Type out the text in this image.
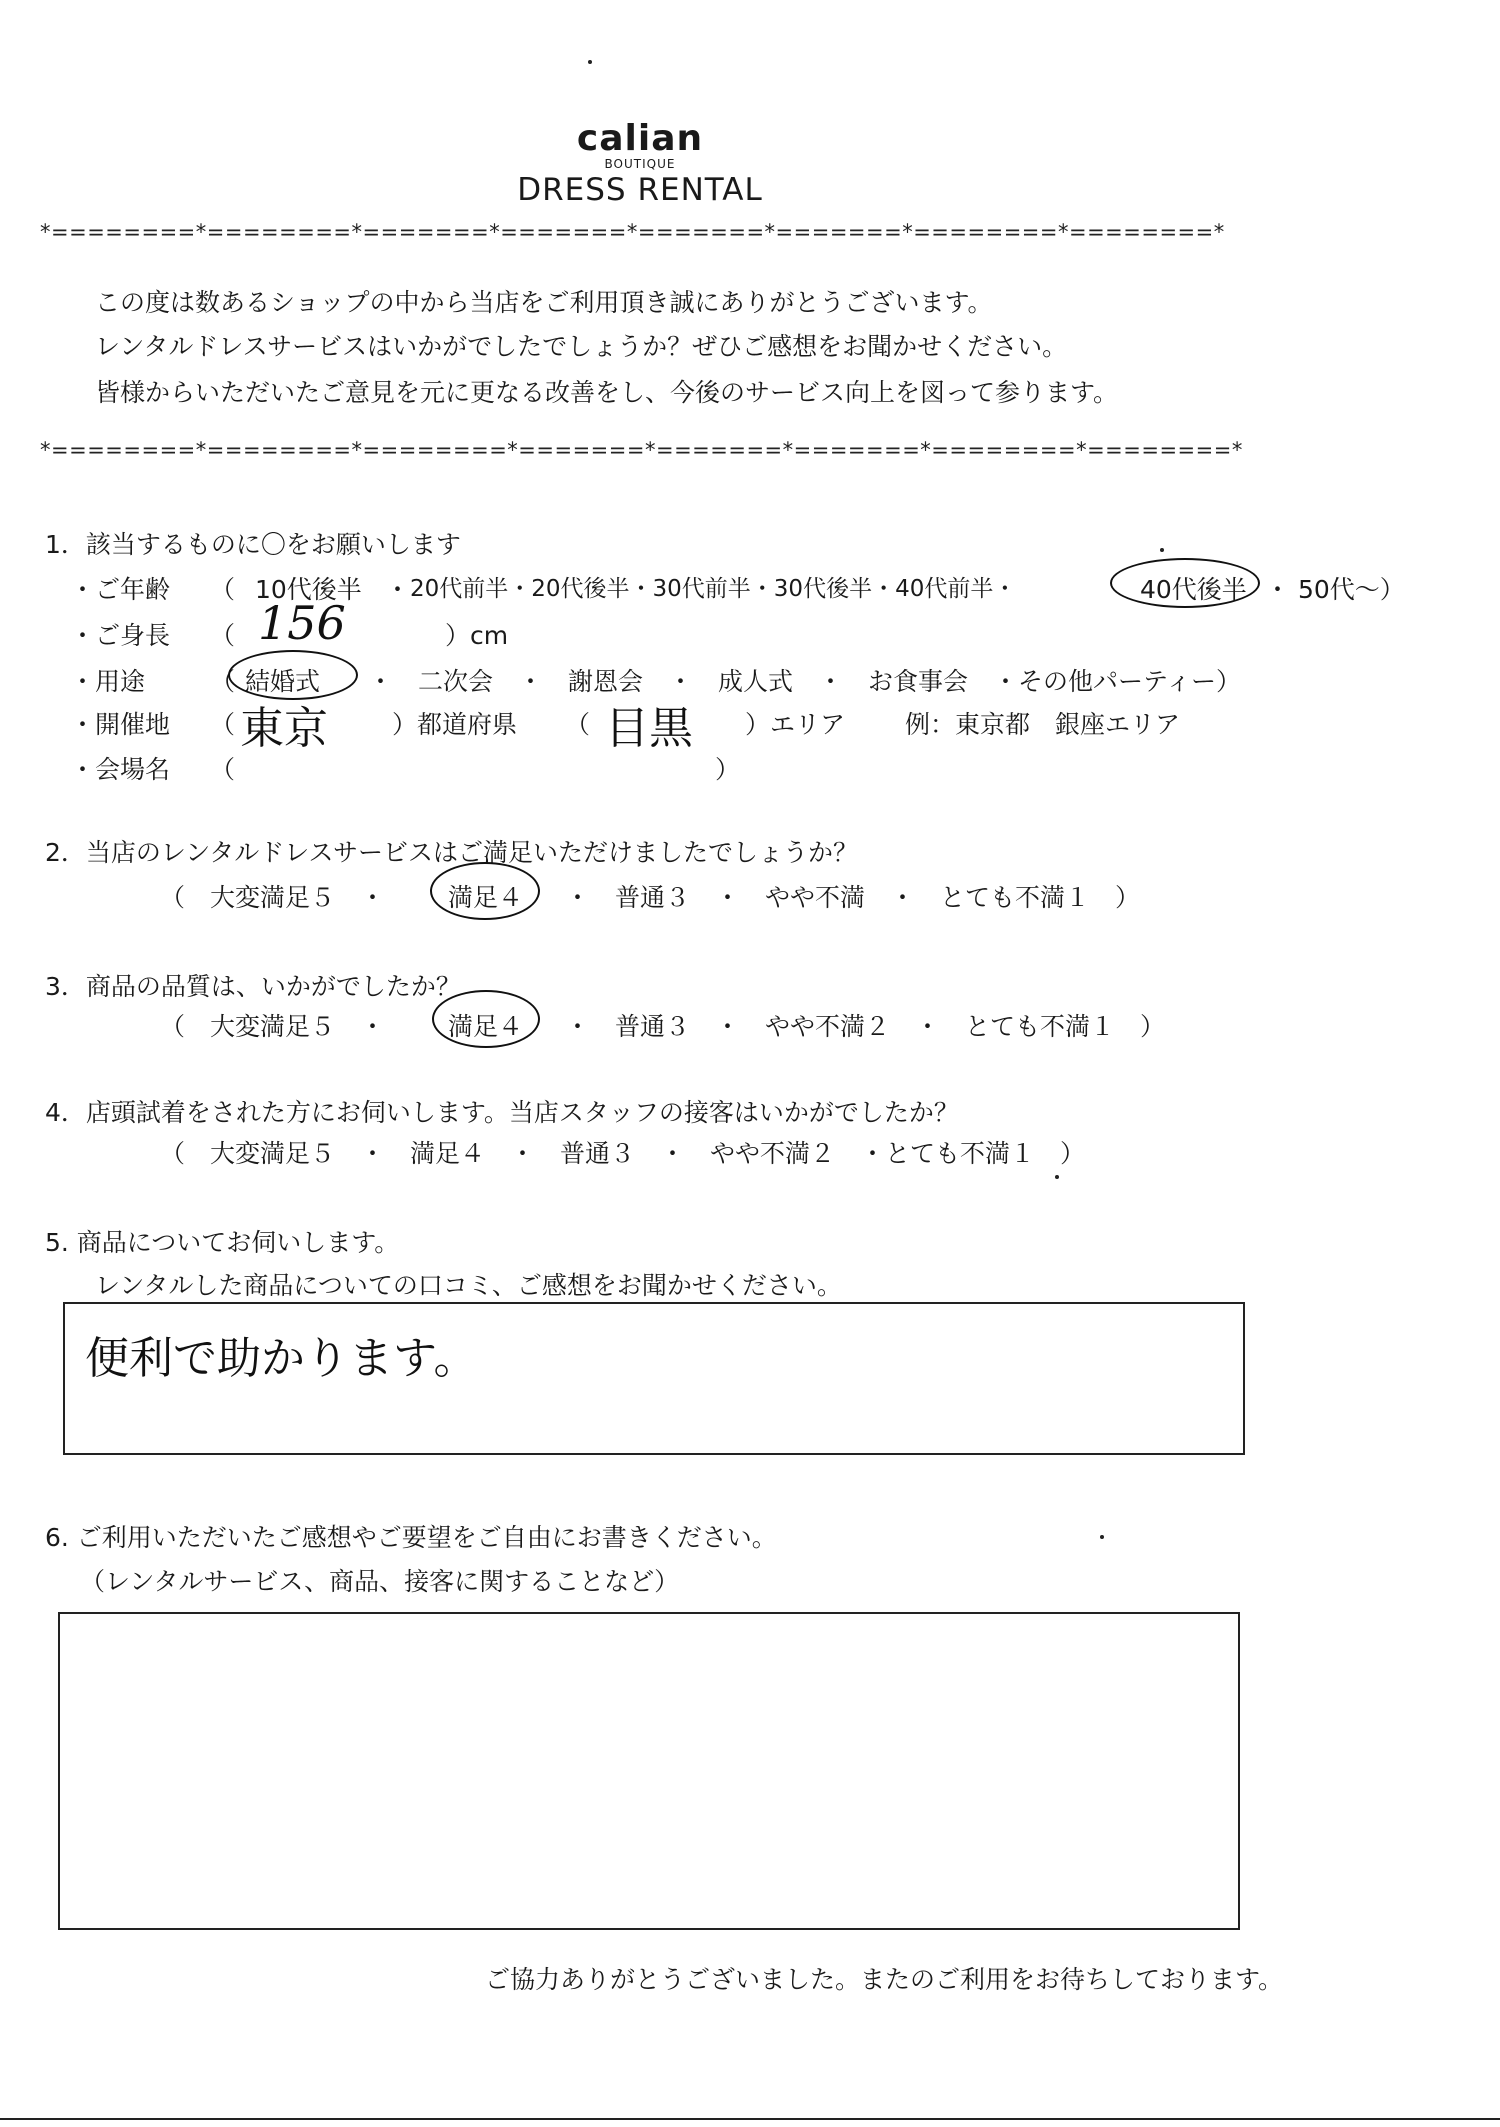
calian
BOUTIQUE
DRESS RENTAL
*========*========*=======*=======*=======*=======*========*========*
この度は数あるショップの中から当店をご利用頂き誠にありがとうございます。
レンタルドレスサービスはいかがでしたでしょうか？ぜひご感想をお聞かせください。
皆様からいただいたご意見を元に更なる改善をし、今後のサービス向上を図って参ります。
*========*========*========*=======*=======*=======*========*========*
1．該当するものに〇をお願いします
・ご年齢 （ 10代後半 ・ 20代前半・20代後半・30代前半・30代後半・40代前半・	40代後半 ・ 50代〜）
・ご身長 （ 156	）cm
・用途	（ 結婚式 ・　二次会　・　謝恩会　・　成人式　・　お食事会　・その他パーティー）
・開催地 （ 東京	）都道府県 （ 目黒 ）エリア 例：東京都　銀座エリア
・会場名 （	）
2．当店のレンタルドレスサービスはご満足いただけましたでしょうか？
（　大変満足５　・	満足４ ・　普通３　・　やや不満　・　とても不満１　）
3．商品の品質は、いかがでしたか？
（　大変満足５　・	満足４ ・　普通３　・　やや不満２　・　とても不満１　）
4．店頭試着をされた方にお伺いします。当店スタッフの接客はいかがでしたか？
（　大変満足５　・　満足４　・　普通３　・　やや不満２　・とても不満１　）
5. 商品についてお伺いします。
レンタルした商品についての口コミ、ご感想をお聞かせください。
便利で助かります。
6. ご利用いただいたご感想やご要望をご自由にお書きください。
（レンタルサービス、商品、接客に関することなど）
ご協力ありがとうございました。またのご利用をお待ちしております。
